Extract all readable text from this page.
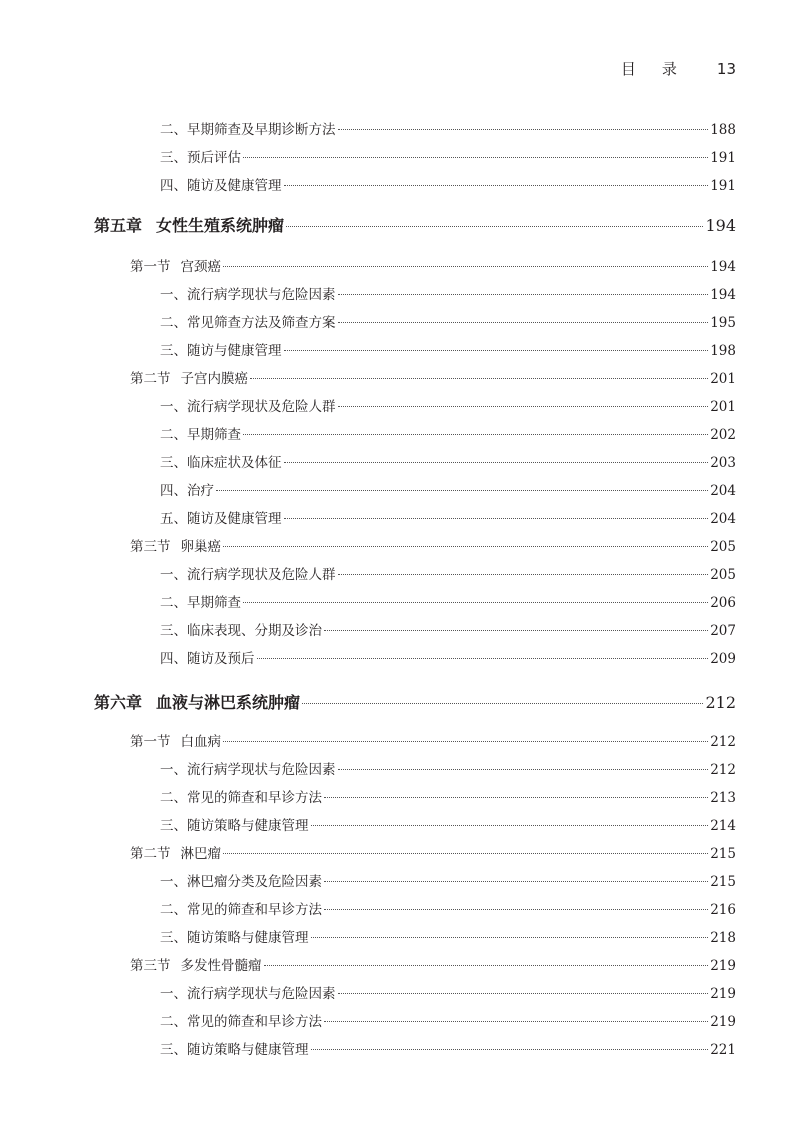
目录 13
二、早期筛查及早期诊断方法	188
三、预后评估	191
四、随访及健康管理	191
第五章 女性生殖系统肿瘤	194
第一节 宫颈癌	194
一、流行病学现状与危险因素	194
二、常见筛查方法及筛查方案	195
三、随访与健康管理	198
第二节 子宫内膜癌	201
一、流行病学现状及危险人群	201
二、早期筛查	202
三、临床症状及体征	203
四、治疗	204
五、随访及健康管理	204
第三节 卵巢癌	205
一、流行病学现状及危险人群	205
二、早期筛查	206
三、临床表现、分期及诊治	207
四、随访及预后	209
第六章 血液与淋巴系统肿瘤	212
第一节 白血病	212
一、流行病学现状与危险因素	212
二、常见的筛查和早诊方法	213
三、随访策略与健康管理	214
第二节 淋巴瘤	215
一、淋巴瘤分类及危险因素	215
二、常见的筛查和早诊方法	216
三、随访策略与健康管理	218
第三节 多发性骨髓瘤	219
一、流行病学现状与危险因素	219
二、常见的筛查和早诊方法	219
三、随访策略与健康管理	221
